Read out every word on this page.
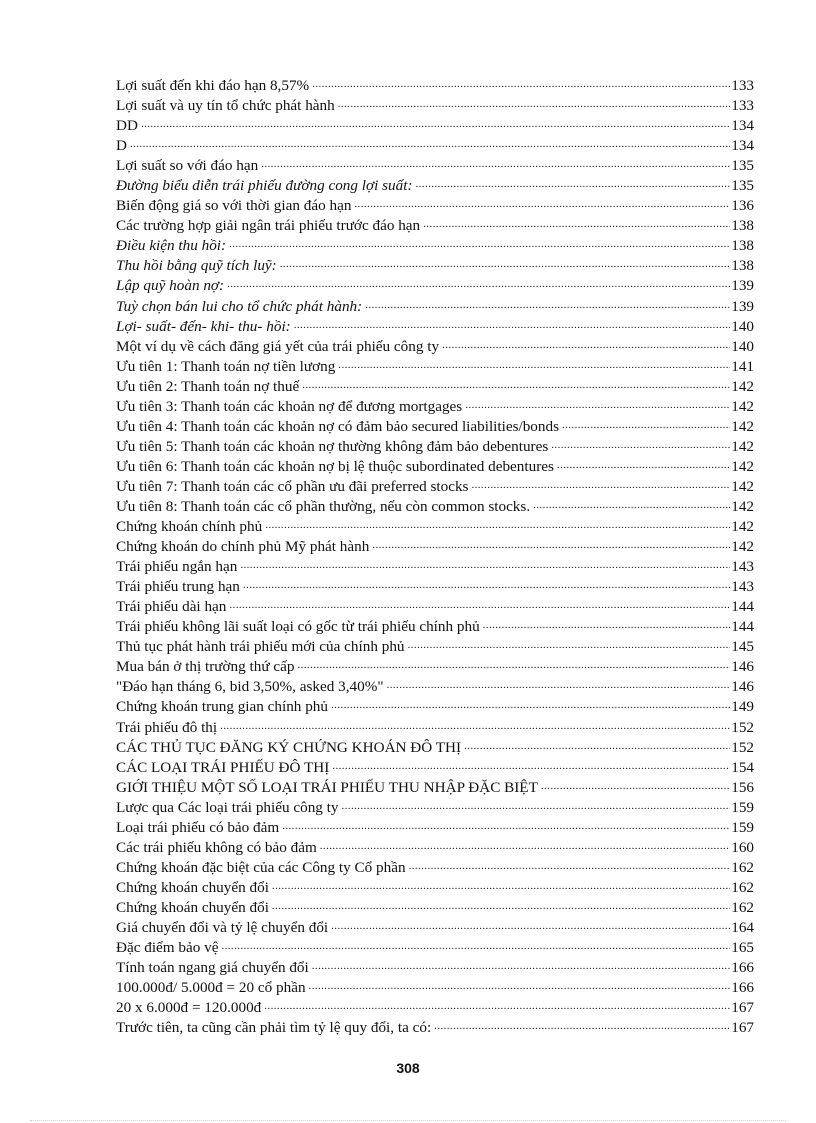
Lợi suất đến khi đáo hạn 8,57% .....	133
Lợi suất và uy tín tổ chức phát hành .....	133
DD .....	134
D .....	134
Lợi suất so với đáo hạn .....	135
Đường biểu diễn trái phiếu đường cong lợi suất: .....	135
Biến động giá so với thời gian đáo hạn .....	136
Các trường hợp giải ngân trái phiếu trước đáo hạn .....	138
Điều kiện thu hồi: .....	138
Thu hồi bằng quỹ tích luỹ: .....	138
Lập quỹ hoàn nợ: .....	139
Tuỳ chọn bán lui cho tổ chức phát hành: .....	139
Lợi- suất- đến- khi- thu- hồi: .....	140
Một ví dụ về cách đăng giá yết của trái phiếu công ty .....	140
Ưu tiên 1: Thanh toán nợ tiền lương .....	141
Ưu tiên 2: Thanh toán nợ thuế .....	142
Ưu tiên 3: Thanh toán các khoản nợ để đương mortgages .....	142
Ưu tiên 4: Thanh toán các khoản nợ có đảm bảo secured liabilities/bonds .....	142
Ưu tiên 5: Thanh toán các khoản nợ thường không đảm bảo debentures .....	142
Ưu tiên 6: Thanh toán các khoản nợ bị lệ thuộc subordinated debentures .....	142
Ưu tiên 7: Thanh toán các cổ phần ưu đãi preferred stocks .....	142
Ưu tiên 8: Thanh toán các cổ phần thường, nếu còn common stocks. .....	142
Chứng khoán chính phủ .....	142
Chứng khoán do chính phủ Mỹ phát hành .....	142
Trái phiếu ngắn hạn .....	143
Trái phiếu trung hạn .....	143
Trái phiếu dài hạn .....	144
Trái phiếu không lãi suất loại có gốc từ trái phiếu chính phủ .....	144
Thủ tục phát hành trái phiếu mới của chính phủ .....	145
Mua bán ở thị trường thứ cấp .....	146
"Đáo hạn tháng 6, bid 3,50%, asked 3,40%" .....	146
Chứng khoán trung gian chính phủ .....	149
Trái phiếu đô thị .....	152
CÁC THỦ TỤC ĐĂNG KÝ CHỨNG KHOÁN ĐÔ THỊ .....	152
CÁC LOẠI TRÁI PHIẾU ĐÔ THỊ .....	154
GIỚI THIỆU MỘT SỐ LOẠI TRÁI PHIẾU THU NHẬP ĐẶC BIỆT .....	156
Lược qua Các loại trái phiếu công ty .....	159
Loại trái phiếu có bảo đảm .....	159
Các trái phiếu không có bảo đảm .....	160
Chứng khoán đặc biệt của các Công ty Cổ phần .....	162
Chứng khoán chuyển đổi .....	162
Chứng khoán chuyển đổi .....	162
Giá chuyển đổi và tỷ lệ chuyển đổi .....	164
Đặc điểm bảo vệ .....	165
Tính toán ngang giá chuyển đổi .....	166
100.000đ/ 5.000đ = 20 cổ phần .....	166
20 x 6.000đ = 120.000đ .....	167
Trước tiên, ta cũng cần phải tìm tỷ lệ quy đổi, ta có: .....	167
308
